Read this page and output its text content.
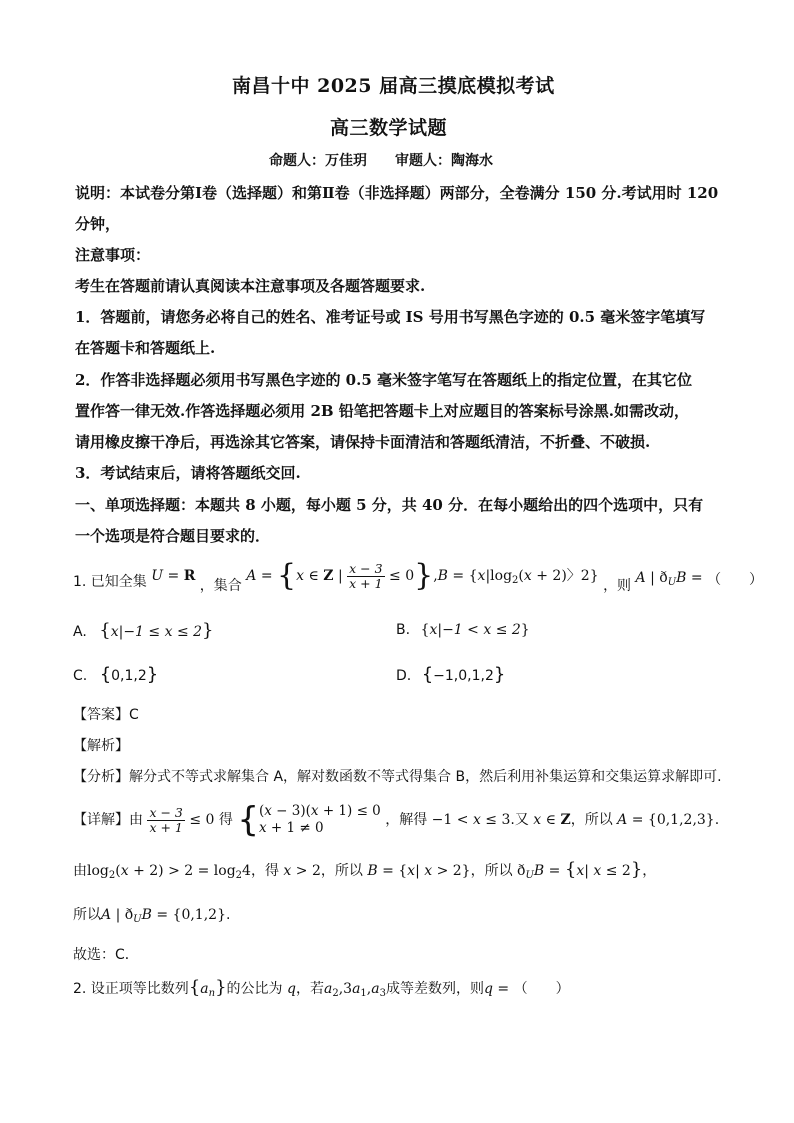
南昌十中 2025 届高三摸底模拟考试
高三数学试题
命题人：万佳玥　　审题人：陶海水
说明：本试卷分第Ⅰ卷（选择题）和第Ⅱ卷（非选择题）两部分，全卷满分 150 分.考试用时 120
分钟，
注意事项：
考生在答题前请认真阅读本注意事项及各题答题要求.
1．答题前，请您务必将自己的姓名、准考证号或 IS 号用书写黑色字迹的 0.5 毫米签字笔填写
在答题卡和答题纸上.
2．作答非选择题必须用书写黑色字迹的 0.5 毫米签字笔写在答题纸上的指定位置，在其它位
置作答一律无效.作答选择题必须用 2B 铅笔把答题卡上对应题目的答案标号涂黑.如需改动，
请用橡皮擦干净后，再选涂其它答案，请保持卡面清洁和答题纸清洁，不折叠、不破损.
3．考试结束后，请将答题纸交回.
一、单项选择题：本题共 8 小题，每小题 5 分，共 40 分．在每小题给出的四个选项中，只有
一个选项是符合题目要求的．
1. 已知全集 U = R ，集合 A = {x ∈ Z | $\frac{x - 3}{x + 1} \le 0\},B = \{x|\log_2(x + 2)$〉2} ，则 A | $ð_UB$ = （　　）
A. {x|−1 ≤ x ≤ 2}	B. {x|−1 < x ≤ 2}
C. {0,1,2}	D. {−1,0,1,2}
【答案】C
【解析】
【分析】解分式不等式求解集合 A，解对数函数不等式得集合 B，然后利用补集运算和交集运算求解即可.
【详解】由 $\frac{x - 3}{x + 1} \le 0$ 得 { (x − 3)(x + 1) ≤ 0
x + 1 ≠ 0	，解得 −1 < x ≤ 3.又 x ∈ Z，所以 A = {0,1,2,3}.
由$\log_2(x + 2) > 2 = \log_24$，得 x > 2，所以 B = {x| x > 2}，所以 $ð_UB = \{x|$ x ≤ 2}，
所以A | $ð_UB = \{0,1,2\}$.
故选：C．
2. 设正项等比数列$\{a_n\}$的公比为 q，若$a_2,3a_1,a_3$成等差数列，则q = （　　）
